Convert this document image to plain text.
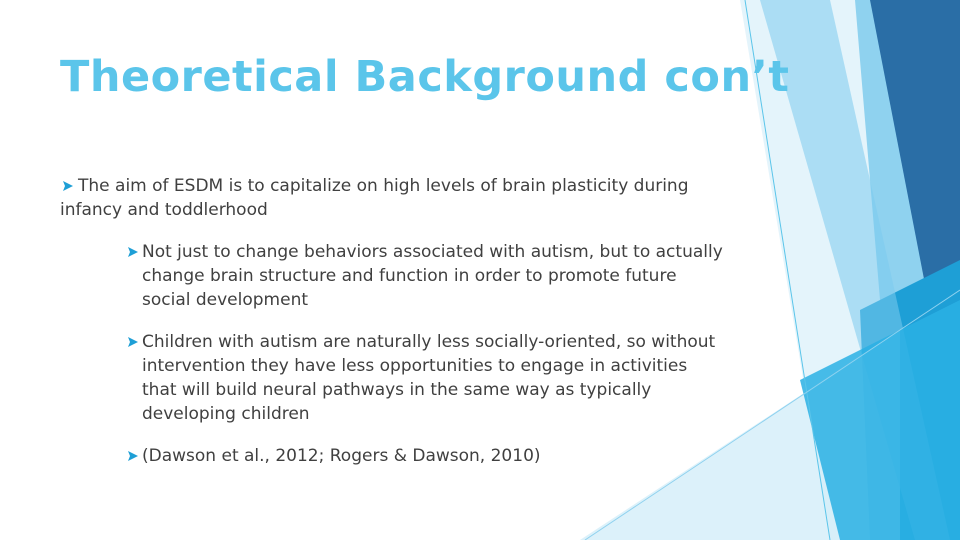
Theoretical Background con’t
The aim of ESDM is to capitalize on high levels of brain plasticity during infancy and toddlerhood
Not just to change behaviors associated with autism, but to actually change brain structure and function in order to promote future social development
Children with autism are naturally less socially-oriented, so without intervention they have less opportunities to engage in activities that will build neural pathways in the same way as typically developing children
(Dawson et al., 2012; Rogers & Dawson, 2010)
